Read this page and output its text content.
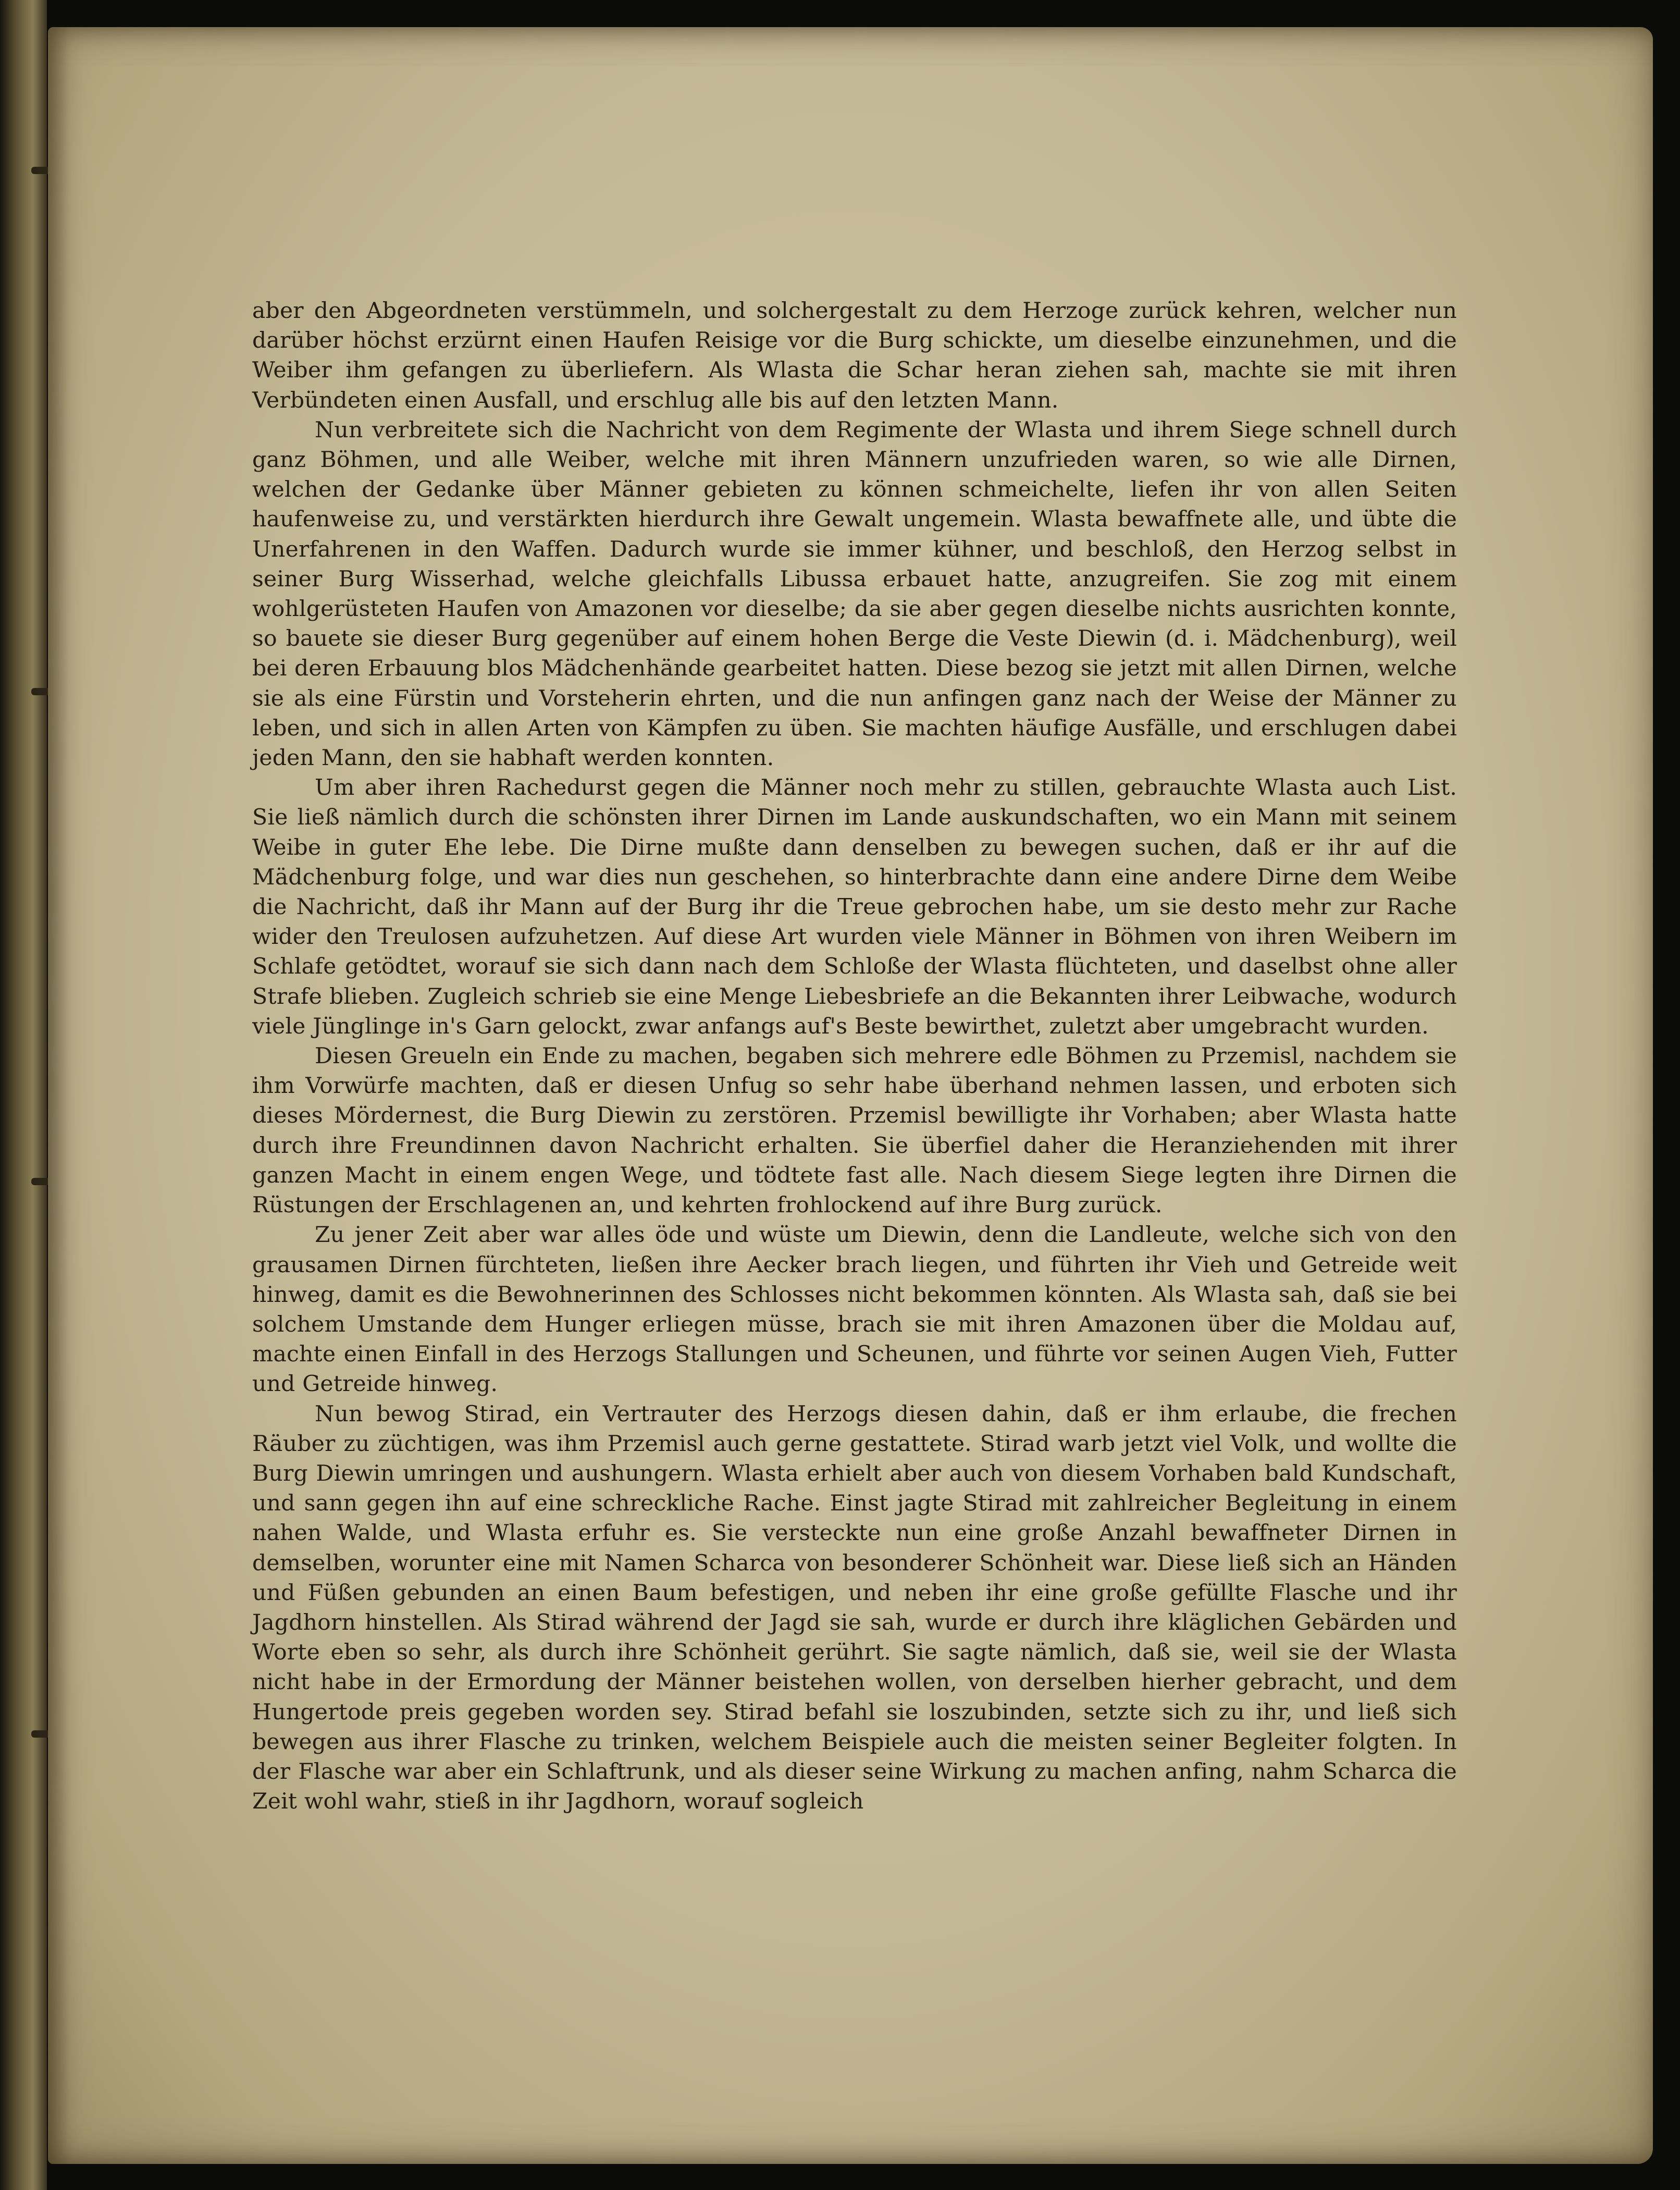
aber den Abgeordneten verstümmeln, und solchergestalt zu dem Herzoge zurück kehren, welcher nun darüber höchst erzürnt einen Haufen Reisige vor die Burg schickte, um dieselbe einzunehmen, und die Weiber ihm gefangen zu überliefern. Als Wlasta die Schar heran ziehen sah, machte sie mit ihren Verbündeten einen Ausfall, und erschlug alle bis auf den letzten Mann.

Nun verbreitete sich die Nachricht von dem Regimente der Wlasta und ihrem Siege schnell durch ganz Böhmen, und alle Weiber, welche mit ihren Männern unzufrieden waren, so wie alle Dirnen, welchen der Gedanke über Männer gebieten zu können schmeichelte, liefen ihr von allen Seiten haufenweise zu, und verstärkten hierdurch ihre Gewalt ungemein. Wlasta bewaffnete alle, und übte die Unerfahrenen in den Waffen. Dadurch wurde sie immer kühner, und beschloß, den Herzog selbst in seiner Burg Wisserhad, welche gleichfalls Libussa erbauet hatte, anzugreifen. Sie zog mit einem wohlgerüsteten Haufen von Amazonen vor dieselbe; da sie aber gegen dieselbe nichts ausrichten konnte, so bauete sie dieser Burg gegenüber auf einem hohen Berge die Veste Diewin (d. i. Mädchenburg), weil bei deren Erbauung blos Mädchenhände gearbeitet hatten. Diese bezog sie jetzt mit allen Dirnen, welche sie als eine Fürstin und Vorsteherin ehrten, und die nun anfingen ganz nach der Weise der Männer zu leben, und sich in allen Arten von Kämpfen zu üben. Sie machten häufige Ausfälle, und erschlugen dabei jeden Mann, den sie habhaft werden konnten.

Um aber ihren Rachedurst gegen die Männer noch mehr zu stillen, gebrauchte Wlasta auch List. Sie ließ nämlich durch die schönsten ihrer Dirnen im Lande auskundschaften, wo ein Mann mit seinem Weibe in guter Ehe lebe. Die Dirne mußte dann denselben zu bewegen suchen, daß er ihr auf die Mädchenburg folge, und war dies nun geschehen, so hinterbrachte dann eine andere Dirne dem Weibe die Nachricht, daß ihr Mann auf der Burg ihr die Treue gebrochen habe, um sie desto mehr zur Rache wider den Treulosen aufzuhetzen. Auf diese Art wurden viele Männer in Böhmen von ihren Weibern im Schlafe getödtet, worauf sie sich dann nach dem Schloße der Wlasta flüchteten, und daselbst ohne aller Strafe blieben. Zugleich schrieb sie eine Menge Liebesbriefe an die Bekannten ihrer Leibwache, wodurch viele Jünglinge in's Garn gelockt, zwar anfangs auf's Beste bewirthet, zuletzt aber umgebracht wurden.

Diesen Greueln ein Ende zu machen, begaben sich mehrere edle Böhmen zu Przemisl, nachdem sie ihm Vorwürfe machten, daß er diesen Unfug so sehr habe überhand nehmen lassen, und erboten sich dieses Mördernest, die Burg Diewin zu zerstören. Przemisl bewilligte ihr Vorhaben; aber Wlasta hatte durch ihre Freundinnen davon Nachricht erhalten. Sie überfiel daher die Heranziehenden mit ihrer ganzen Macht in einem engen Wege, und tödtete fast alle. Nach diesem Siege legten ihre Dirnen die Rüstungen der Erschlagenen an, und kehrten frohlockend auf ihre Burg zurück.

Zu jener Zeit aber war alles öde und wüste um Diewin, denn die Landleute, welche sich von den grausamen Dirnen fürchteten, ließen ihre Aecker brach liegen, und führten ihr Vieh und Getreide weit hinweg, damit es die Bewohnerinnen des Schlosses nicht bekommen könnten. Als Wlasta sah, daß sie bei solchem Umstande dem Hunger erliegen müsse, brach sie mit ihren Amazonen über die Moldau auf, machte einen Einfall in des Herzogs Stallungen und Scheunen, und führte vor seinen Augen Vieh, Futter und Getreide hinweg.

Nun bewog Stirad, ein Vertrauter des Herzogs diesen dahin, daß er ihm erlaube, die frechen Räuber zu züchtigen, was ihm Przemisl auch gerne gestattete. Stirad warb jetzt viel Volk, und wollte die Burg Diewin umringen und aushungern. Wlasta erhielt aber auch von diesem Vorhaben bald Kundschaft, und sann gegen ihn auf eine schreckliche Rache. Einst jagte Stirad mit zahlreicher Begleitung in einem nahen Walde, und Wlasta erfuhr es. Sie versteckte nun eine große Anzahl bewaffneter Dirnen in demselben, worunter eine mit Namen Scharca von besonderer Schönheit war. Diese ließ sich an Händen und Füßen gebunden an einen Baum befestigen, und neben ihr eine große gefüllte Flasche und ihr Jagdhorn hinstellen. Als Stirad während der Jagd sie sah, wurde er durch ihre kläglichen Gebärden und Worte eben so sehr, als durch ihre Schönheit gerührt. Sie sagte nämlich, daß sie, weil sie der Wlasta nicht habe in der Ermordung der Männer beistehen wollen, von derselben hierher gebracht, und dem Hungertode preis gegeben worden sey. Stirad befahl sie loszubinden, setzte sich zu ihr, und ließ sich bewegen aus ihrer Flasche zu trinken, welchem Beispiele auch die meisten seiner Begleiter folgten. In der Flasche war aber ein Schlaftrunk, und als dieser seine Wirkung zu machen anfing, nahm Scharca die Zeit wohl wahr, stieß in ihr Jagdhorn, worauf sogleich
